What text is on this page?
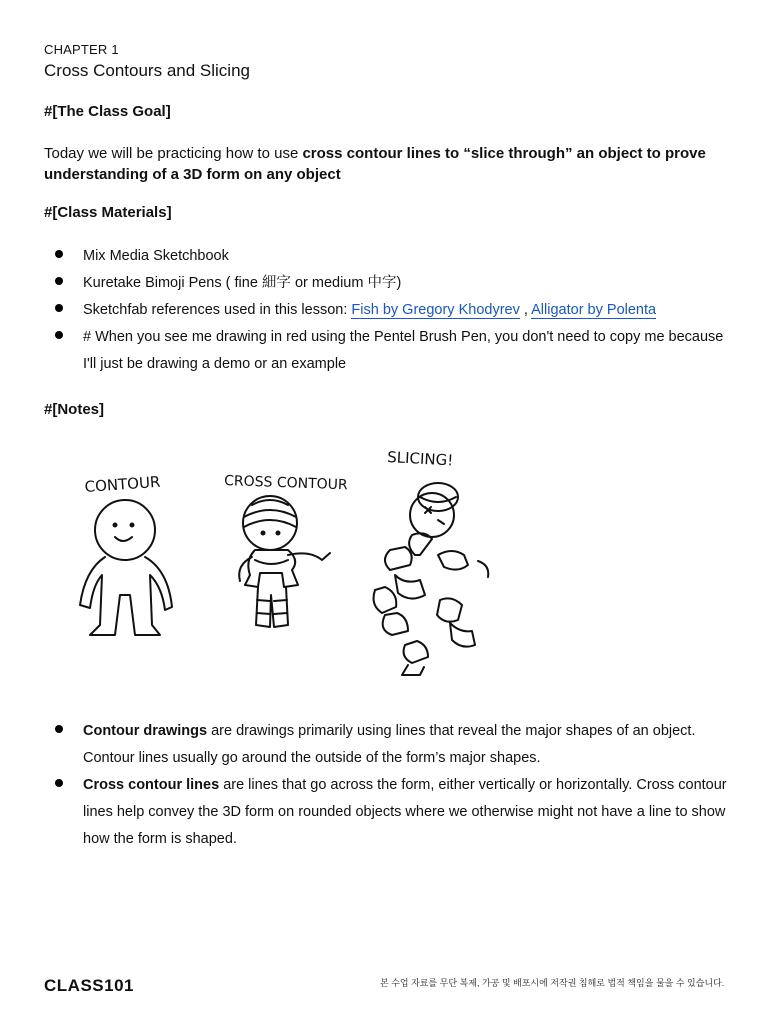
CHAPTER 1
Cross Contours and Slicing
#[The Class Goal]
Today we will be practicing how to use cross contour lines to “slice through” an object to prove understanding of a 3D form on any object
#[Class Materials]
Mix Media Sketchbook
Kuretake Bimoji Pens ( fine 細字 or medium 中字)
Sketchfab references used in this lesson: Fish by Gregory Khodyrev , Alligator by Polenta
# When you see me drawing in red using the Pentel Brush Pen, you don't need to copy me because I'll just be drawing a demo or an example
#[Notes]
CONTOUR	CROSS CONTOUR
SLICING!
Contour drawings are drawings primarily using lines that reveal the major shapes of an object. Contour lines usually go around the outside of the form’s major shapes.
Cross contour lines are lines that go across the form, either vertically or horizontally. Cross contour lines help convey the 3D form on rounded objects where we otherwise might not have a line to show how the form is shaped.
CLASS101	본 수업 자료를 무단 복제, 가공 및 배포시에 저작권 침해로 법적 책임을 물을 수 있습니다.
